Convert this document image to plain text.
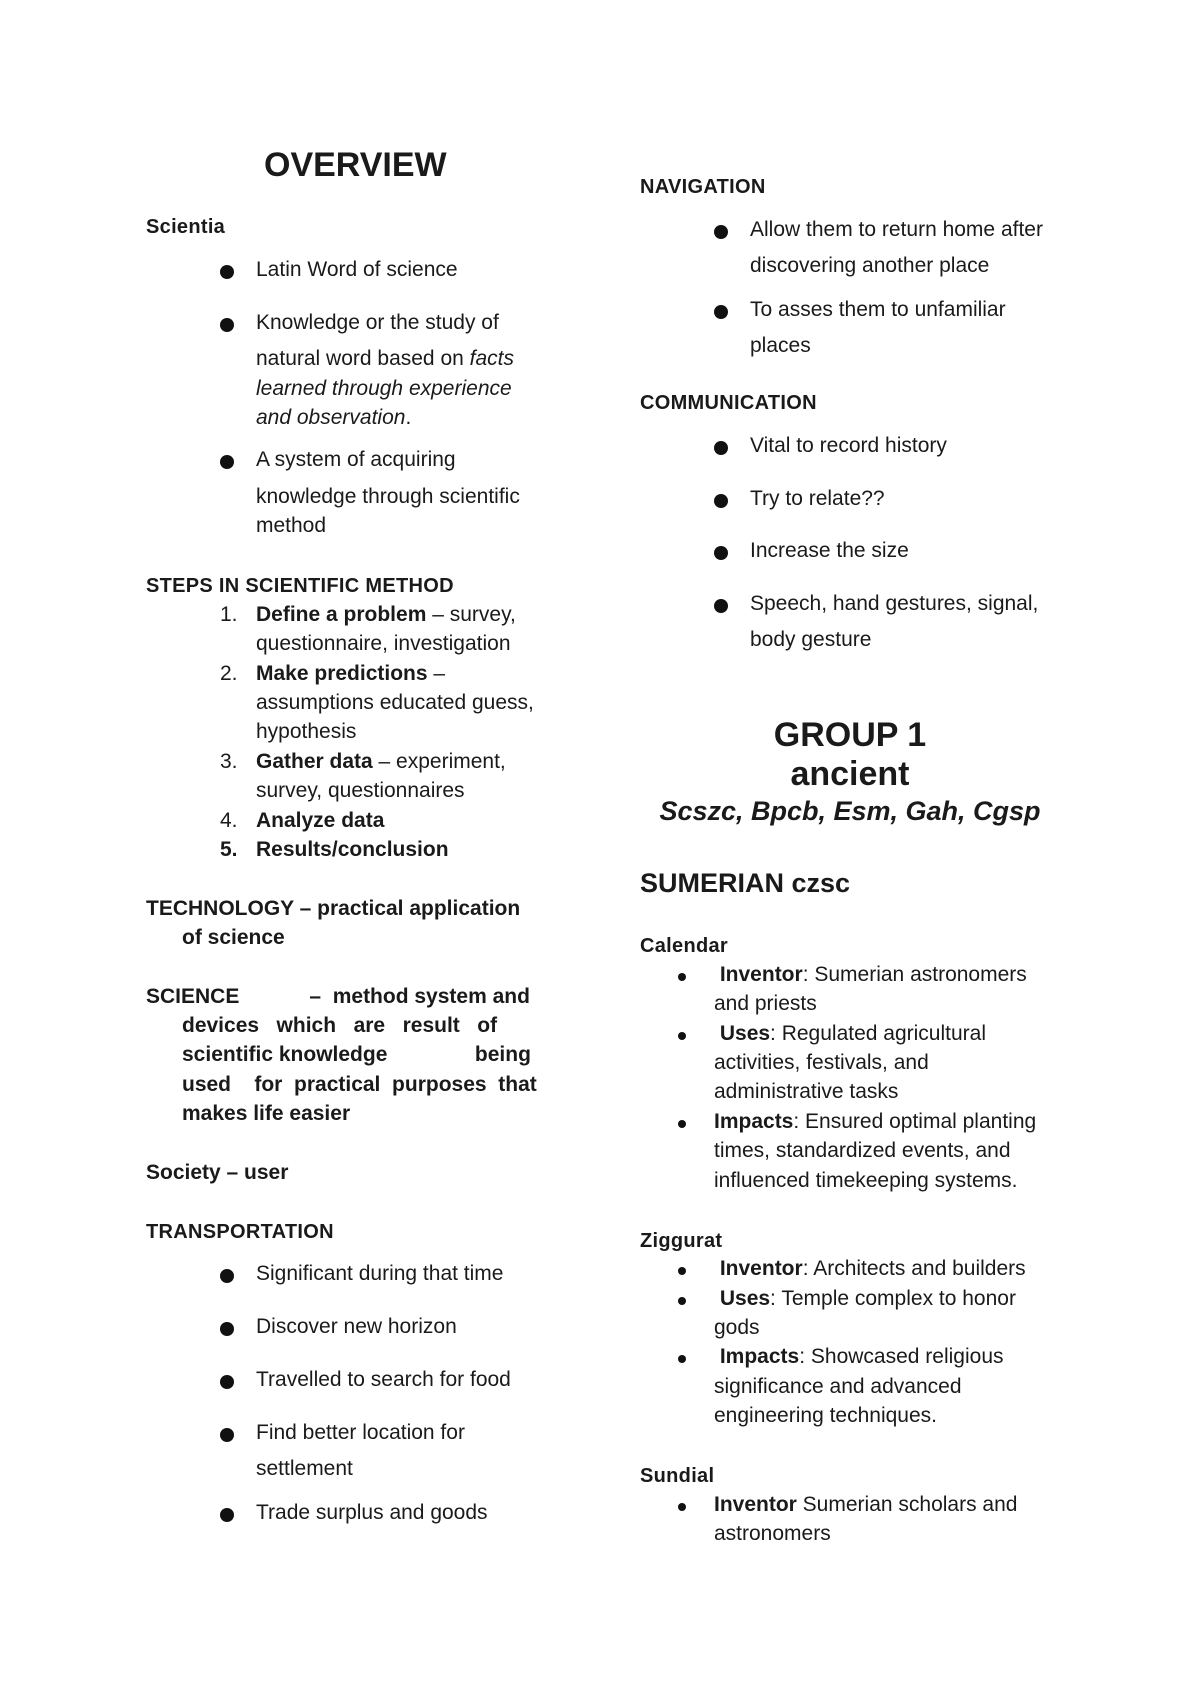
OVERVIEW
Scientia
Latin Word of science
Knowledge or the study of
natural word based on facts
learned through experience
and observation.
A system of acquiring
knowledge through scientific
method
STEPS IN SCIENTIFIC METHOD
1. Define a problem – survey,
questionnaire, investigation
2. Make predictions –
assumptions educated guess,
hypothesis
3. Gather data – experiment,
survey, questionnaires
4. Analyze data
5. Results/conclusion
TECHNOLOGY – practical application
of science
SCIENCE            –  method system and
devices   which   are   result   of
scientific knowledge               being
used    for  practical  purposes  that
makes life easier
Society – user
TRANSPORTATION
Significant during that time
Discover new horizon
Travelled to search for food
Find better location for
settlement
Trade surplus and goods
NAVIGATION
Allow them to return home after
discovering another place
To asses them to unfamiliar
places
COMMUNICATION
Vital to record history
Try to relate??
Increase the size
Speech, hand gestures, signal,
body gesture
GROUP 1
ancient
Scszc, Bpcb, Esm, Gah, Cgsp
SUMERIAN czsc
Calendar
Inventor: Sumerian astronomers
and priests
Uses: Regulated agricultural
activities, festivals, and
administrative tasks
Impacts: Ensured optimal planting
times, standardized events, and
influenced timekeeping systems.
Ziggurat
Inventor: Architects and builders
Uses: Temple complex to honor
gods
Impacts: Showcased religious
significance and advanced
engineering techniques.
Sundial
Inventor Sumerian scholars and
astronomers
